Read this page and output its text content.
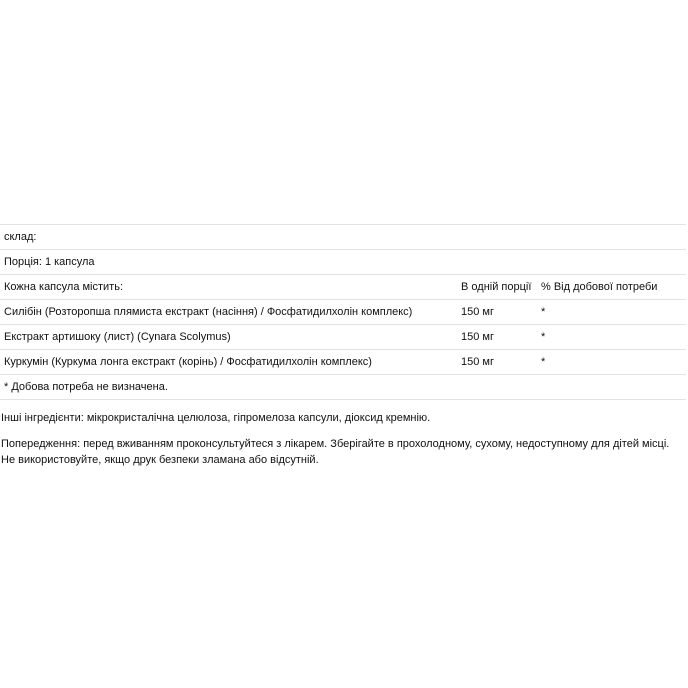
склад:		
Порція: 1 капсула		
Кожна капсула містить:	В одній порції	% Від добової потреби
Силібін (Розторопша плямиста екстракт (насіння) / Фосфатидилхолін комплекс)	150 мг	*
Екстракт артишоку (лист) (Cynara Scolymus)	150 мг	*
Куркумін (Куркума лонга екстракт (корінь) / Фосфатидилхолін комплекс)	150 мг	*
* Добова потреба не визначена.		

Інші інгредієнти: мікрокристалічна целюлоза, гіпромелоза капсули, діоксид кремнію.

Попередження: перед вживанням проконсультуйтеся з лікарем. Зберігайте в прохолодному, сухому, недоступному для дітей місці. Не використовуйте, якщо друк безпеки зламана або відсутній.
